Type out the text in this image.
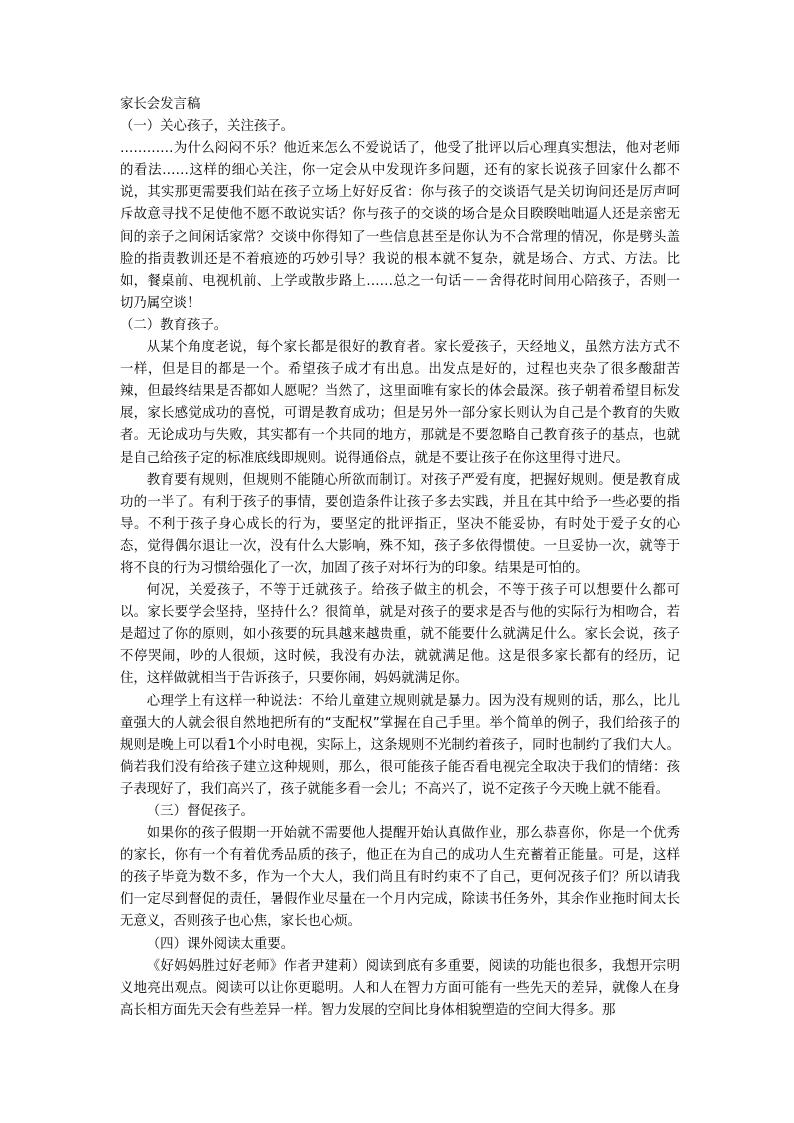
家长会发言稿

（一）关心孩子，关注孩子。

…………为什么闷闷不乐？他近来怎么不爱说话了，他受了批评以后心理真实想法，他对老师的看法……这样的细心关注，你一定会从中发现许多问题，还有的家长说孩子回家什么都不说，其实那更需要我们站在孩子立场上好好反省：你与孩子的交谈语气是关切询问还是厉声呵斥故意寻找不足使他不愿不敢说实话？你与孩子的交谈的场合是众目睽睽咄咄逼人还是亲密无间的亲子之间闲话家常？交谈中你得知了一些信息甚至是你认为不合常理的情况，你是劈头盖脸的指责教训还是不着痕迹的巧妙引导？我说的根本就不复杂，就是场合、方式、方法。比如，餐桌前、电视机前、上学或散步路上……总之一句话－－舍得花时间用心陪孩子，否则一切乃属空谈！

（二）教育孩子。

从某个角度老说，每个家长都是很好的教育者。家长爱孩子，天经地义，虽然方法方式不一样，但是目的都是一个。希望孩子成才有出息。出发点是好的，过程也夹杂了很多酸甜苦辣，但最终结果是否都如人愿呢？当然了，这里面唯有家长的体会最深。孩子朝着希望目标发展，家长感觉成功的喜悦，可谓是教育成功；但是另外一部分家长则认为自己是个教育的失败者。无论成功与失败，其实都有一个共同的地方，那就是不要忽略自己教育孩子的基点，也就是自己给孩子定的标准底线即规则。说得通俗点，就是不要让孩子在你这里得寸进尺。

教育要有规则，但规则不能随心所欲而制订。对孩子严爱有度，把握好规则。便是教育成功的一半了。有利于孩子的事情，要创造条件让孩子多去实践，并且在其中给予一些必要的指导。不利于孩子身心成长的行为，要坚定的批评指正，坚决不能妥协，有时处于爱子女的心态，觉得偶尔退让一次，没有什么大影响，殊不知，孩子多依得惯使。一旦妥协一次，就等于将不良的行为习惯给强化了一次，加固了孩子对坏行为的印象。结果是可怕的。

何况，关爱孩子，不等于迁就孩子。给孩子做主的机会，不等于孩子可以想要什么都可以。家长要学会坚持，坚持什么？很简单，就是对孩子的要求是否与他的实际行为相吻合，若是超过了你的原则，如小孩要的玩具越来越贵重，就不能要什么就满足什么。家长会说，孩子不停哭闹，吵的人很烦，这时候，我没有办法，就就满足他。这是很多家长都有的经历，记住，这样做就相当于告诉孩子，只要你闹，妈妈就满足你。

心理学上有这样一种说法：不给儿童建立规则就是暴力。因为没有规则的话，那么，比儿童强大的人就会很自然地把所有的“支配权”掌握在自己手里。举个简单的例子，我们给孩子的规则是晚上可以看1个小时电视，实际上，这条规则不光制约着孩子，同时也制约了我们大人。倘若我们没有给孩子建立这种规则，那么，很可能孩子能否看电视完全取决于我们的情绪：孩子表现好了，我们高兴了，孩子就能多看一会儿；不高兴了，说不定孩子今天晚上就不能看。

（三）督促孩子。

如果你的孩子假期一开始就不需要他人提醒开始认真做作业，那么恭喜你，你是一个优秀的家长，你有一个有着优秀品质的孩子，他正在为自己的成功人生充蓄着正能量。可是，这样的孩子毕竟为数不多，作为一个大人，我们尚且有时约束不了自己，更何况孩子们？所以请我们一定尽到督促的责任，暑假作业尽量在一个月内完成，除读书任务外，其余作业拖时间太长无意义，否则孩子也心焦，家长也心烦。

（四）课外阅读太重要。

《好妈妈胜过好老师》作者尹建莉）阅读到底有多重要，阅读的功能也很多，我想开宗明义地亮出观点。阅读可以让你更聪明。人和人在智力方面可能有一些先天的差异，就像人在身高长相方面先天会有些差异一样。智力发展的空间比身体相貌塑造的空间大得多。那
